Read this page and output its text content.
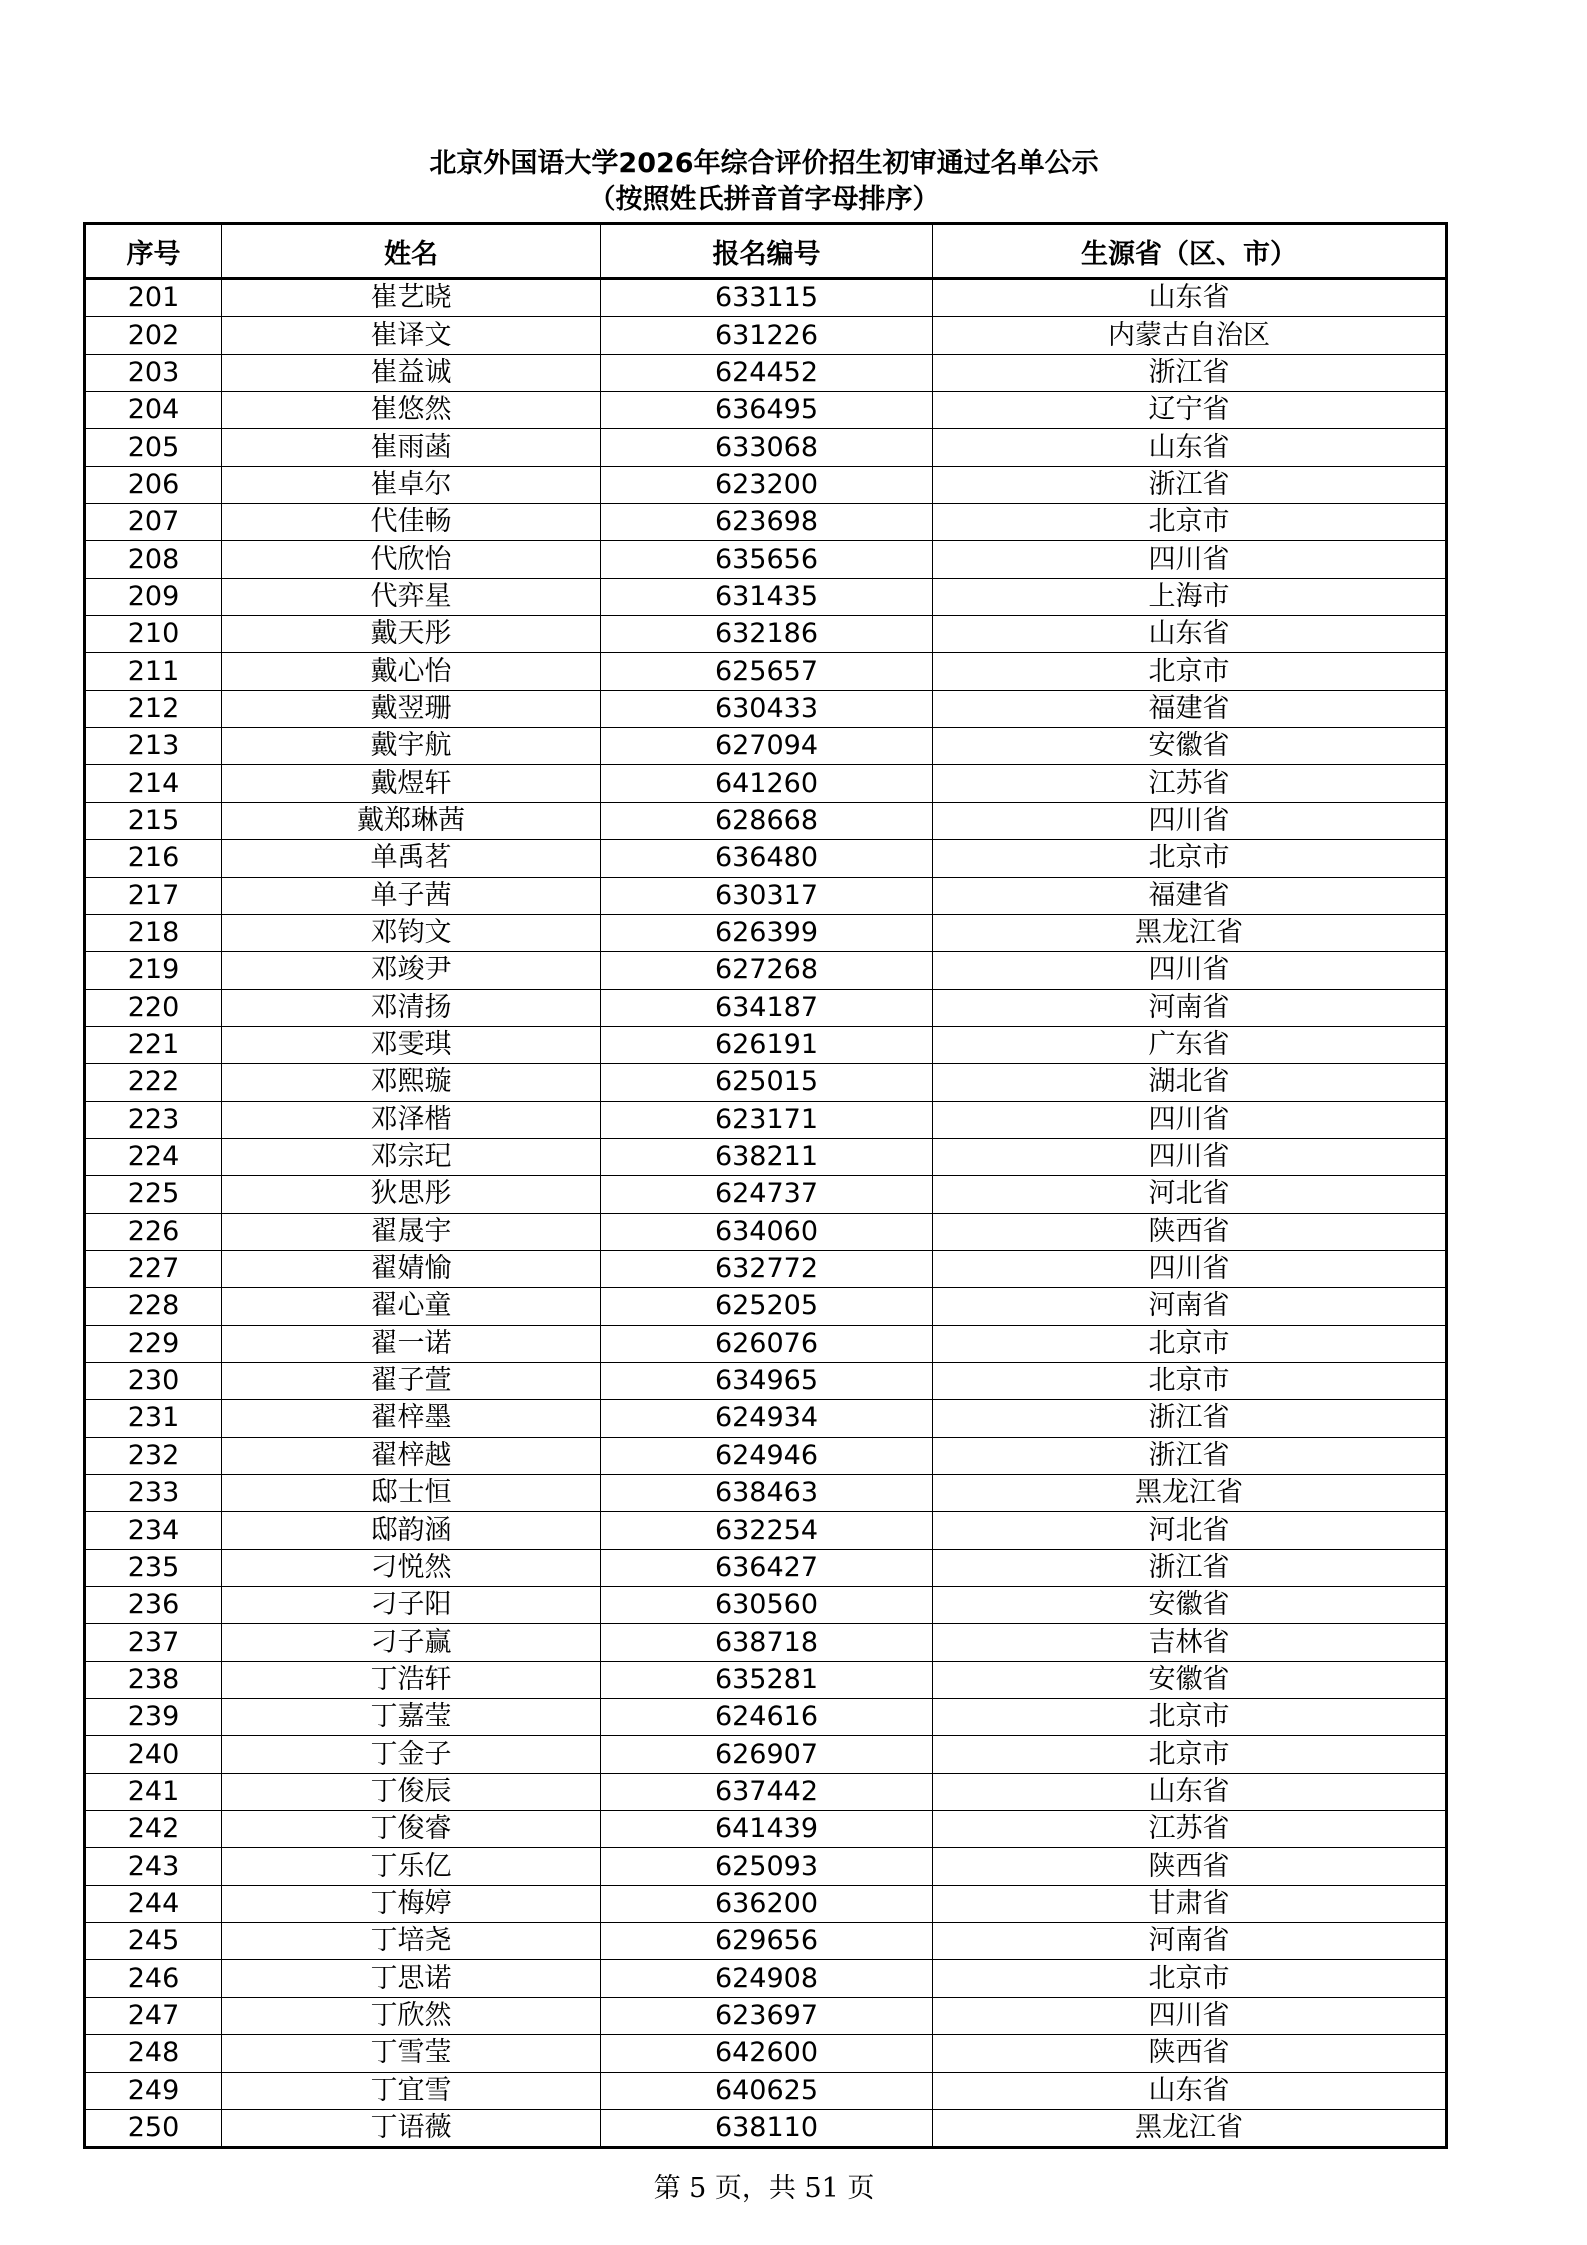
北京外国语大学2026年综合评价招生初审通过名单公示
（按照姓氏拼音首字母排序）
序号	姓名	报名编号	生源省（区、市）
201	崔艺晓	633115	山东省
202	崔译文	631226	内蒙古自治区
203	崔益诚	624452	浙江省
204	崔悠然	636495	辽宁省
205	崔雨菡	633068	山东省
206	崔卓尔	623200	浙江省
207	代佳畅	623698	北京市
208	代欣怡	635656	四川省
209	代弈星	631435	上海市
210	戴天彤	632186	山东省
211	戴心怡	625657	北京市
212	戴翌珊	630433	福建省
213	戴宇航	627094	安徽省
214	戴煜轩	641260	江苏省
215	戴郑琳茜	628668	四川省
216	单禹茗	636480	北京市
217	单子茜	630317	福建省
218	邓钧文	626399	黑龙江省
219	邓竣尹	627268	四川省
220	邓清扬	634187	河南省
221	邓雯琪	626191	广东省
222	邓熙璇	625015	湖北省
223	邓泽楷	623171	四川省
224	邓宗玘	638211	四川省
225	狄思彤	624737	河北省
226	翟晟宇	634060	陕西省
227	翟婧愉	632772	四川省
228	翟心童	625205	河南省
229	翟一诺	626076	北京市
230	翟子萱	634965	北京市
231	翟梓墨	624934	浙江省
232	翟梓越	624946	浙江省
233	邸士恒	638463	黑龙江省
234	邸韵涵	632254	河北省
235	刁悦然	636427	浙江省
236	刁子阳	630560	安徽省
237	刁子赢	638718	吉林省
238	丁浩轩	635281	安徽省
239	丁嘉莹	624616	北京市
240	丁金子	626907	北京市
241	丁俊辰	637442	山东省
242	丁俊睿	641439	江苏省
243	丁乐亿	625093	陕西省
244	丁梅婷	636200	甘肃省
245	丁培尧	629656	河南省
246	丁思诺	624908	北京市
247	丁欣然	623697	四川省
248	丁雪莹	642600	陕西省
249	丁宜雪	640625	山东省
250	丁语薇	638110	黑龙江省
第 5 页，共 51 页
